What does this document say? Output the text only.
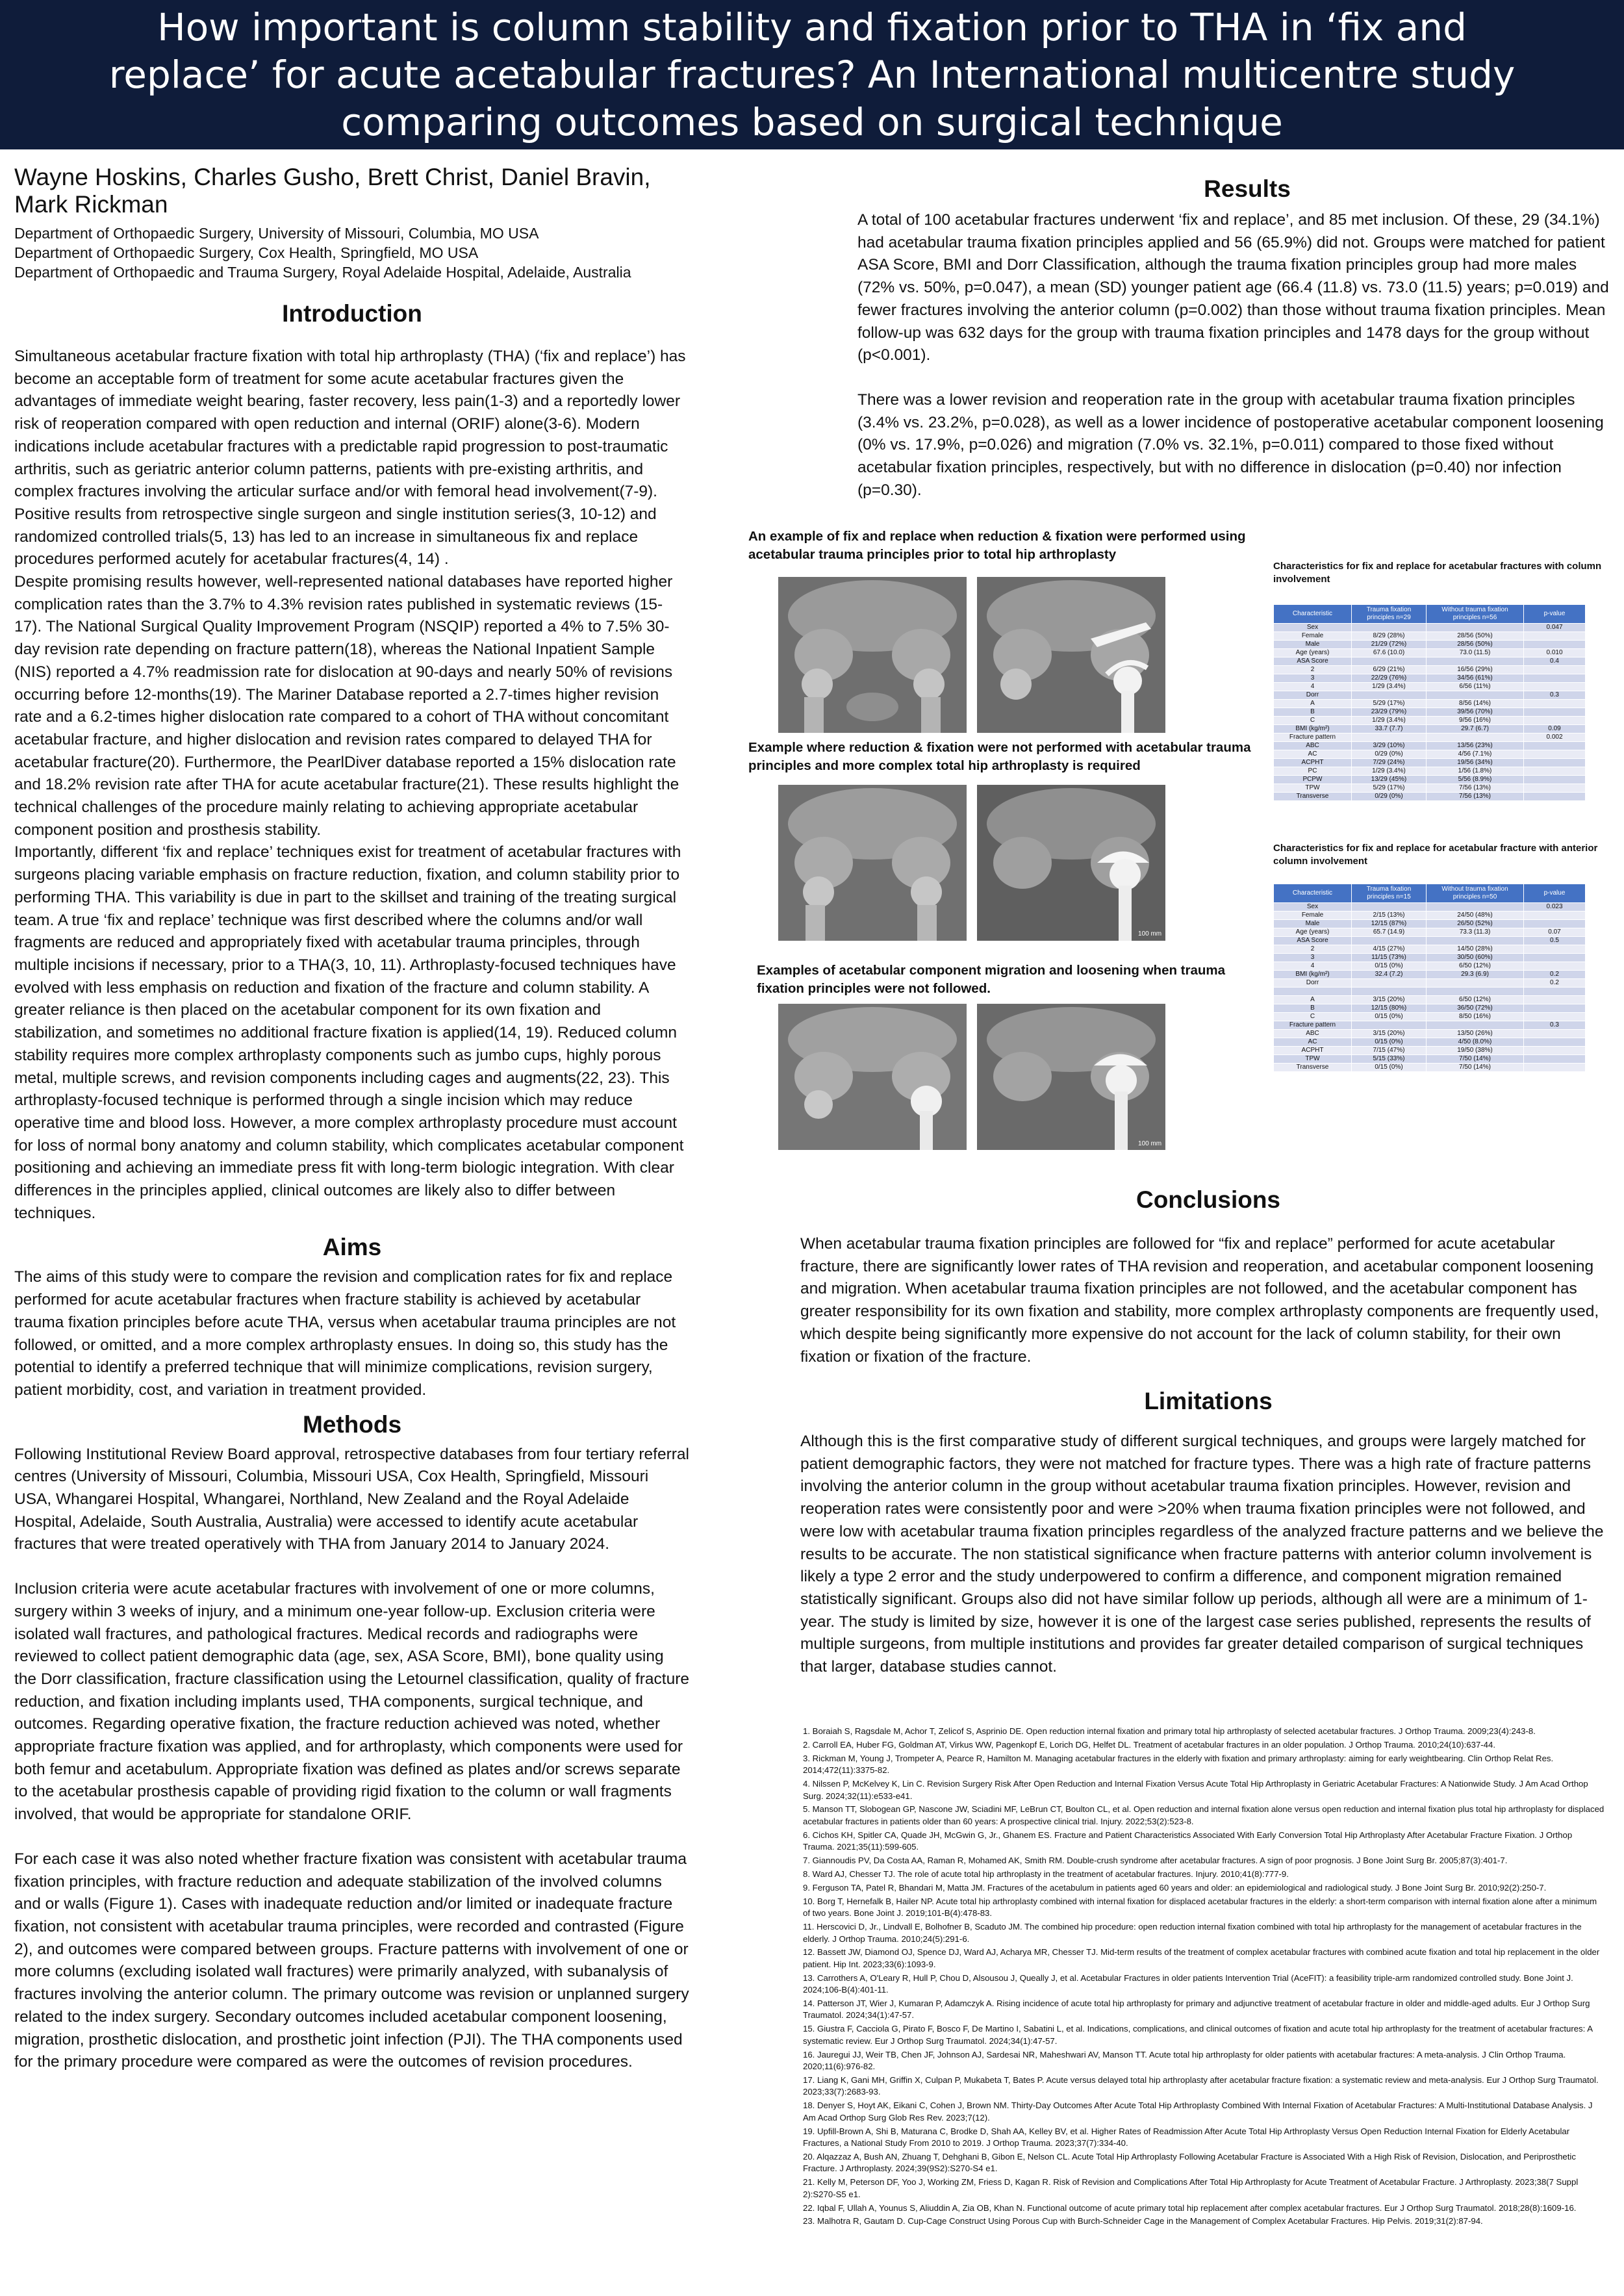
How important is column stability and fixation prior to THA in ‘fix and
replace’ for acute acetabular fractures? An International multicentre study
comparing outcomes based on surgical technique

Wayne Hoskins, Charles Gusho, Brett Christ, Daniel Bravin, Mark Rickman

Department of Orthopaedic Surgery, University of Missouri, Columbia, MO USA

Department of Orthopaedic Surgery, Cox Health, Springfield, MO USA

Department of Orthopaedic and Trauma Surgery, Royal Adelaide Hospital, Adelaide, Australia

Introduction

Simultaneous acetabular fracture fixation with total hip arthroplasty (THA) (‘fix and replace’) has become an acceptable form of treatment for some acute acetabular fractures given the advantages of immediate weight bearing, faster recovery, less pain(1-3) and a reportedly lower risk of reoperation compared with open reduction and internal (ORIF) alone(3-6). Modern indications include acetabular fractures with a predictable rapid progression to post-traumatic arthritis, such as geriatric anterior column patterns, patients with pre-existing arthritis, and complex fractures involving the articular surface and/or with femoral head involvement(7-9). Positive results from retrospective single surgeon and single institution series(3, 10-12) and randomized controlled trials(5, 13) has led to an increase in simultaneous fix and replace procedures performed acutely for acetabular fractures(4, 14) .

Despite promising results however, well-represented national databases have reported higher complication rates than the 3.7% to 4.3% revision rates published in systematic reviews (15-17). The National Surgical Quality Improvement Program (NSQIP) reported a 4% to 7.5% 30-day revision rate depending on fracture pattern(18), whereas the National Inpatient Sample (NIS) reported a 4.7% readmission rate for dislocation at 90-days and nearly 50% of revisions occurring before 12-months(19). The Mariner Database reported a 2.7-times higher revision rate and a 6.2-times higher dislocation rate compared to a cohort of THA without concomitant acetabular fracture, and higher dislocation and revision rates compared to delayed THA for acetabular fracture(20). Furthermore, the PearlDiver database reported a 15% dislocation rate and 18.2% revision rate after THA for acute acetabular fracture(21). These results highlight the technical challenges of the procedure mainly relating to achieving appropriate acetabular component position and prosthesis stability.

Importantly, different ‘fix and replace’ techniques exist for treatment of acetabular fractures with surgeons placing variable emphasis on fracture reduction, fixation, and column stability prior to performing THA. This variability is due in part to the skillset and training of the treating surgical team. A true ‘fix and replace’ technique was first described where the columns and/or wall fragments are reduced and appropriately fixed with acetabular trauma principles, through multiple incisions if necessary, prior to a THA(3, 10, 11). Arthroplasty-focused techniques have evolved with less emphasis on reduction and fixation of the fracture and column stability. A greater reliance is then placed on the acetabular component for its own fixation and stabilization, and sometimes no additional fracture fixation is applied(14, 19). Reduced column stability requires more complex arthroplasty components such as jumbo cups, highly porous metal, multiple screws, and revision components including cages and augments(22, 23). This arthroplasty-focused technique is performed through a single incision which may reduce operative time and blood loss. However, a more complex arthroplasty procedure must account for loss of normal bony anatomy and column stability, which complicates acetabular component positioning and achieving an immediate press fit with long-term biologic integration. With clear differences in the principles applied, clinical outcomes are likely also to differ between techniques.

Aims

The aims of this study were to compare the revision and complication rates for fix and replace performed for acute acetabular fractures when fracture stability is achieved by acetabular trauma fixation principles before acute THA, versus when acetabular trauma principles are not followed, or omitted, and a more complex arthroplasty ensues. In doing so, this study has the potential to identify a preferred technique that will minimize complications, revision surgery, patient morbidity, cost, and variation in treatment provided.

Methods

Following Institutional Review Board approval, retrospective databases from four tertiary referral centres (University of Missouri, Columbia, Missouri USA, Cox Health, Springfield, Missouri USA, Whangarei Hospital, Whangarei, Northland, New Zealand and the Royal Adelaide Hospital, Adelaide, South Australia, Australia) were accessed to identify acute acetabular fractures that were treated operatively with THA from January 2014 to January 2024.

Inclusion criteria were acute acetabular fractures with involvement of one or more columns, surgery within 3 weeks of injury, and a minimum one-year follow-up. Exclusion criteria were isolated wall fractures, and pathological fractures. Medical records and radiographs were reviewed to collect patient demographic data (age, sex, ASA Score, BMI), bone quality using the Dorr classification, fracture classification using the Letournel classification, quality of fracture reduction, and fixation including implants used, THA components, surgical technique, and outcomes. Regarding operative fixation, the fracture reduction achieved was noted, whether appropriate fracture fixation was applied, and for arthroplasty, which components were used for both femur and acetabulum. Appropriate fixation was defined as plates and/or screws separate to the acetabular prosthesis capable of providing rigid fixation to the column or wall fragments involved, that would be appropriate for standalone ORIF.

For each case it was also noted whether fracture fixation was consistent with acetabular trauma fixation principles, with fracture reduction and adequate stabilization of the involved columns and or walls (Figure 1). Cases with inadequate reduction and/or limited or inadequate fracture fixation, not consistent with acetabular trauma principles, were recorded and contrasted (Figure 2), and outcomes were compared between groups. Fracture patterns with involvement of one or more columns (excluding isolated wall fractures) were primarily analyzed, with subanalysis of fractures involving the anterior column. The primary outcome was revision or unplanned surgery related to the index surgery. Secondary outcomes included acetabular component loosening, migration, prosthetic dislocation, and prosthetic joint infection (PJI). The THA components used for the primary procedure were compared as were the outcomes of revision procedures.

Results

A total of 100 acetabular fractures underwent ‘fix and replace’, and 85 met inclusion. Of these, 29 (34.1%) had acetabular trauma fixation principles applied and 56 (65.9%) did not. Groups were matched for patient ASA Score, BMI and Dorr Classification, although the trauma fixation principles group had more males (72% vs. 50%, p=0.047), a mean (SD) younger patient age (66.4 (11.8) vs. 73.0 (11.5) years; p=0.019) and fewer fractures involving the anterior column (p=0.002) than those without trauma fixation principles. Mean follow-up was 632 days for the group with trauma fixation principles and 1478 days for the group without (p<0.001).

There was a lower revision and reoperation rate in the group with acetabular trauma fixation principles (3.4% vs. 23.2%, p=0.028), as well as a lower incidence of postoperative acetabular component loosening (0% vs. 17.9%, p=0.026) and migration (7.0% vs. 32.1%, p=0.011) compared to those fixed without acetabular fixation principles, respectively, but with no difference in dislocation (p=0.40) nor infection (p=0.30).

An example of fix and replace when reduction & fixation were performed using acetabular trauma principles prior to total hip arthroplasty
Example where reduction & fixation were not performed with acetabular trauma principles and more complex total hip arthroplasty is required
100 mm
Examples of acetabular component migration and loosening when trauma fixation principles were not followed.
100 mm
Characteristics for fix and replace for acetabular fractures with column involvement
Characteristic	Trauma fixation principles n=29	Without trauma fixation principles n=56	p-value
Sex			0.047
Female	8/29 (28%)	28/56 (50%)	
Male	21/29 (72%)	28/56 (50%)	
Age (years)	67.6 (10.0)	73.0 (11.5)	0.010
ASA Score			0.4
2	6/29 (21%)	16/56 (29%)	
3	22/29 (76%)	34/56 (61%)	
4	1/29 (3.4%)	6/56 (11%)	
Dorr			0.3
A	5/29 (17%)	8/56 (14%)	
B	23/29 (79%)	39/56 (70%)	
C	1/29 (3.4%)	9/56 (16%)	
BMI (kg/m²)	33.7 (7.7)	29.7 (6.7)	0.09
Fracture pattern			0.002
ABC	3/29 (10%)	13/56 (23%)	
AC	0/29 (0%)	4/56 (7.1%)	
ACPHT	7/29 (24%)	19/56 (34%)	
PC	1/29 (3.4%)	1/56 (1.8%)	
PCPW	13/29 (45%)	5/56 (8.9%)	
TPW	5/29 (17%)	7/56 (13%)	
Transverse	0/29 (0%)	7/56 (13%)	
Characteristics for fix and replace for acetabular fracture with anterior column involvement
Characteristic	Trauma fixation principles n=15	Without trauma fixation principles n=50	p-value
Sex			0.023
Female	2/15 (13%)	24/50 (48%)	
Male	12/15 (87%)	26/50 (52%)	
Age (years)	65.7 (14.9)	73.3 (11.3)	0.07
ASA Score			0.5
2	4/15 (27%)	14/50 (28%)	
3	11/15 (73%)	30/50 (60%)	
4	0/15 (0%)	6/50 (12%)	
BMI (kg/m²)	32.4 (7.2)	29.3 (6.9)	0.2
Dorr			0.2

A	3/15 (20%)	6/50 (12%)	
B	12/15 (80%)	36/50 (72%)	
C	0/15 (0%)	8/50 (16%)	
Fracture pattern			0.3
ABC	3/15 (20%)	13/50 (26%)	
AC	0/15 (0%)	4/50 (8.0%)	
ACPHT	7/15 (47%)	19/50 (38%)	
TPW	5/15 (33%)	7/50 (14%)	
Transverse	0/15 (0%)	7/50 (14%)	
Conclusions

When acetabular trauma fixation principles are followed for “fix and replace” performed for acute acetabular fracture, there are significantly lower rates of THA revision and reoperation, and acetabular component loosening and migration. When acetabular trauma fixation principles are not followed, and the acetabular component has greater responsibility for its own fixation and stability, more complex arthroplasty components are frequently used, which despite being significantly more expensive do not account for the lack of column stability, for their own fixation or fixation of the fracture.

Limitations

Although this is the first comparative study of different surgical techniques, and groups were largely matched for patient demographic factors, they were not matched for fracture types. There was a high rate of fracture patterns involving the anterior column in the group without acetabular trauma fixation principles. However, revision and reoperation rates were consistently poor and were >20% when trauma fixation principles were not followed, and were low with acetabular trauma fixation principles regardless of the analyzed fracture patterns and we believe the results to be accurate. The non statistical significance when fracture patterns with anterior column involvement is likely a type 2 error and the study underpowered to confirm a difference, and component migration remained statistically significant. Groups also did not have similar follow up periods, although all were are a minimum of 1-year. The study is limited by size, however it is one of the largest case series published, represents the results of multiple surgeons, from multiple institutions and provides far greater detailed comparison of surgical techniques that larger, database studies cannot.

1. Boraiah S, Ragsdale M, Achor T, Zelicof S, Asprinio DE. Open reduction internal fixation and primary total hip arthroplasty of selected acetabular fractures. J Orthop Trauma. 2009;23(4):243-8.

2. Carroll EA, Huber FG, Goldman AT, Virkus WW, Pagenkopf E, Lorich DG, Helfet DL. Treatment of acetabular fractures in an older population. J Orthop Trauma. 2010;24(10):637-44.

3. Rickman M, Young J, Trompeter A, Pearce R, Hamilton M. Managing acetabular fractures in the elderly with fixation and primary arthroplasty: aiming for early weightbearing. Clin Orthop Relat Res. 2014;472(11):3375-82.

4. Nilssen P, McKelvey K, Lin C. Revision Surgery Risk After Open Reduction and Internal Fixation Versus Acute Total Hip Arthroplasty in Geriatric Acetabular Fractures: A Nationwide Study. J Am Acad Orthop Surg. 2024;32(11):e533-e41.

5. Manson TT, Slobogean GP, Nascone JW, Sciadini MF, LeBrun CT, Boulton CL, et al. Open reduction and internal fixation alone versus open reduction and internal fixation plus total hip arthroplasty for displaced acetabular fractures in patients older than 60 years: A prospective clinical trial. Injury. 2022;53(2):523-8.

6. Cichos KH, Spitler CA, Quade JH, McGwin G, Jr., Ghanem ES. Fracture and Patient Characteristics Associated With Early Conversion Total Hip Arthroplasty After Acetabular Fracture Fixation. J Orthop Trauma. 2021;35(11):599-605.

7. Giannoudis PV, Da Costa AA, Raman R, Mohamed AK, Smith RM. Double-crush syndrome after acetabular fractures. A sign of poor prognosis. J Bone Joint Surg Br. 2005;87(3):401-7.

8. Ward AJ, Chesser TJ. The role of acute total hip arthroplasty in the treatment of acetabular fractures. Injury. 2010;41(8):777-9.

9. Ferguson TA, Patel R, Bhandari M, Matta JM. Fractures of the acetabulum in patients aged 60 years and older: an epidemiological and radiological study. J Bone Joint Surg Br. 2010;92(2):250-7.

10. Borg T, Hernefalk B, Hailer NP. Acute total hip arthroplasty combined with internal fixation for displaced acetabular fractures in the elderly: a short-term comparison with internal fixation alone after a minimum of two years. Bone Joint J. 2019;101-B(4):478-83.

11. Herscovici D, Jr., Lindvall E, Bolhofner B, Scaduto JM. The combined hip procedure: open reduction internal fixation combined with total hip arthroplasty for the management of acetabular fractures in the elderly. J Orthop Trauma. 2010;24(5):291-6.

12. Bassett JW, Diamond OJ, Spence DJ, Ward AJ, Acharya MR, Chesser TJ. Mid-term results of the treatment of complex acetabular fractures with combined acute fixation and total hip replacement in the older patient. Hip Int. 2023;33(6):1093-9.

13. Carrothers A, O'Leary R, Hull P, Chou D, Alsousou J, Queally J, et al. Acetabular Fractures in older patients Intervention Trial (AceFIT): a feasibility triple-arm randomized controlled study. Bone Joint J. 2024;106-B(4):401-11.

14. Patterson JT, Wier J, Kumaran P, Adamczyk A. Rising incidence of acute total hip arthroplasty for primary and adjunctive treatment of acetabular fracture in older and middle-aged adults. Eur J Orthop Surg Traumatol. 2024;34(1):47-57.

15. Giustra F, Cacciola G, Pirato F, Bosco F, De Martino I, Sabatini L, et al. Indications, complications, and clinical outcomes of fixation and acute total hip arthroplasty for the treatment of acetabular fractures: A systematic review. Eur J Orthop Surg Traumatol. 2024;34(1):47-57.

16. Jauregui JJ, Weir TB, Chen JF, Johnson AJ, Sardesai NR, Maheshwari AV, Manson TT. Acute total hip arthroplasty for older patients with acetabular fractures: A meta-analysis. J Clin Orthop Trauma. 2020;11(6):976-82.

17. Liang K, Gani MH, Griffin X, Culpan P, Mukabeta T, Bates P. Acute versus delayed total hip arthroplasty after acetabular fracture fixation: a systematic review and meta-analysis. Eur J Orthop Surg Traumatol. 2023;33(7):2683-93.

18. Denyer S, Hoyt AK, Eikani C, Cohen J, Brown NM. Thirty-Day Outcomes After Acute Total Hip Arthroplasty Combined With Internal Fixation of Acetabular Fractures: A Multi-Institutional Database Analysis. J Am Acad Orthop Surg Glob Res Rev. 2023;7(12).

19. Upfill-Brown A, Shi B, Maturana C, Brodke D, Shah AA, Kelley BV, et al. Higher Rates of Readmission After Acute Total Hip Arthroplasty Versus Open Reduction Internal Fixation for Elderly Acetabular Fractures, a National Study From 2010 to 2019. J Orthop Trauma. 2023;37(7):334-40.

20. Alqazzaz A, Bush AN, Zhuang T, Dehghani B, Gibon E, Nelson CL. Acute Total Hip Arthroplasty Following Acetabular Fracture is Associated With a High Risk of Revision, Dislocation, and Periprosthetic Fracture. J Arthroplasty. 2024;39(9S2):S270-S4 e1.

21. Kelly M, Peterson DF, Yoo J, Working ZM, Friess D, Kagan R. Risk of Revision and Complications After Total Hip Arthroplasty for Acute Treatment of Acetabular Fracture. J Arthroplasty. 2023;38(7 Suppl 2):S270-S5 e1.

22. Iqbal F, Ullah A, Younus S, Aliuddin A, Zia OB, Khan N. Functional outcome of acute primary total hip replacement after complex acetabular fractures. Eur J Orthop Surg Traumatol. 2018;28(8):1609-16.

23. Malhotra R, Gautam D. Cup-Cage Construct Using Porous Cup with Burch-Schneider Cage in the Management of Complex Acetabular Fractures. Hip Pelvis. 2019;31(2):87-94.
